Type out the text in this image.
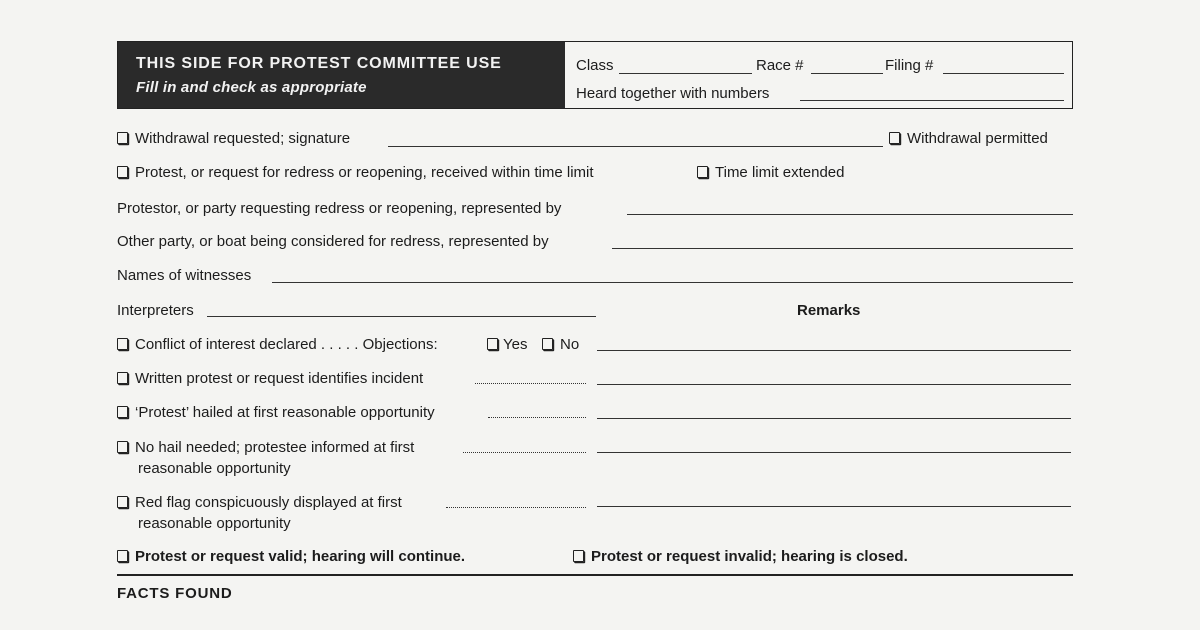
THIS SIDE FOR PROTEST COMMITTEE USE
Fill in and check as appropriate
Class	Race #	Filing #
Heard together with numbers
Withdrawal requested; signature	Withdrawal permitted
Protest, or request for redress or reopening, received within time limit	Time limit extended
Protestor, or party requesting redress or reopening, represented by
Other party, or boat being considered for redress, represented by
Names of witnesses
Interpreters	Remarks
Conflict of interest declared . . . . . Objections:	Yes	No
Written protest or request identifies incident
‘Protest’ hailed at first reasonable opportunity
No hail needed; protestee informed at first
reasonable opportunity
Red flag conspicuously displayed at first
reasonable opportunity
Protest or request valid; hearing will continue.	Protest or request invalid; hearing is closed.
FACTS FOUND
